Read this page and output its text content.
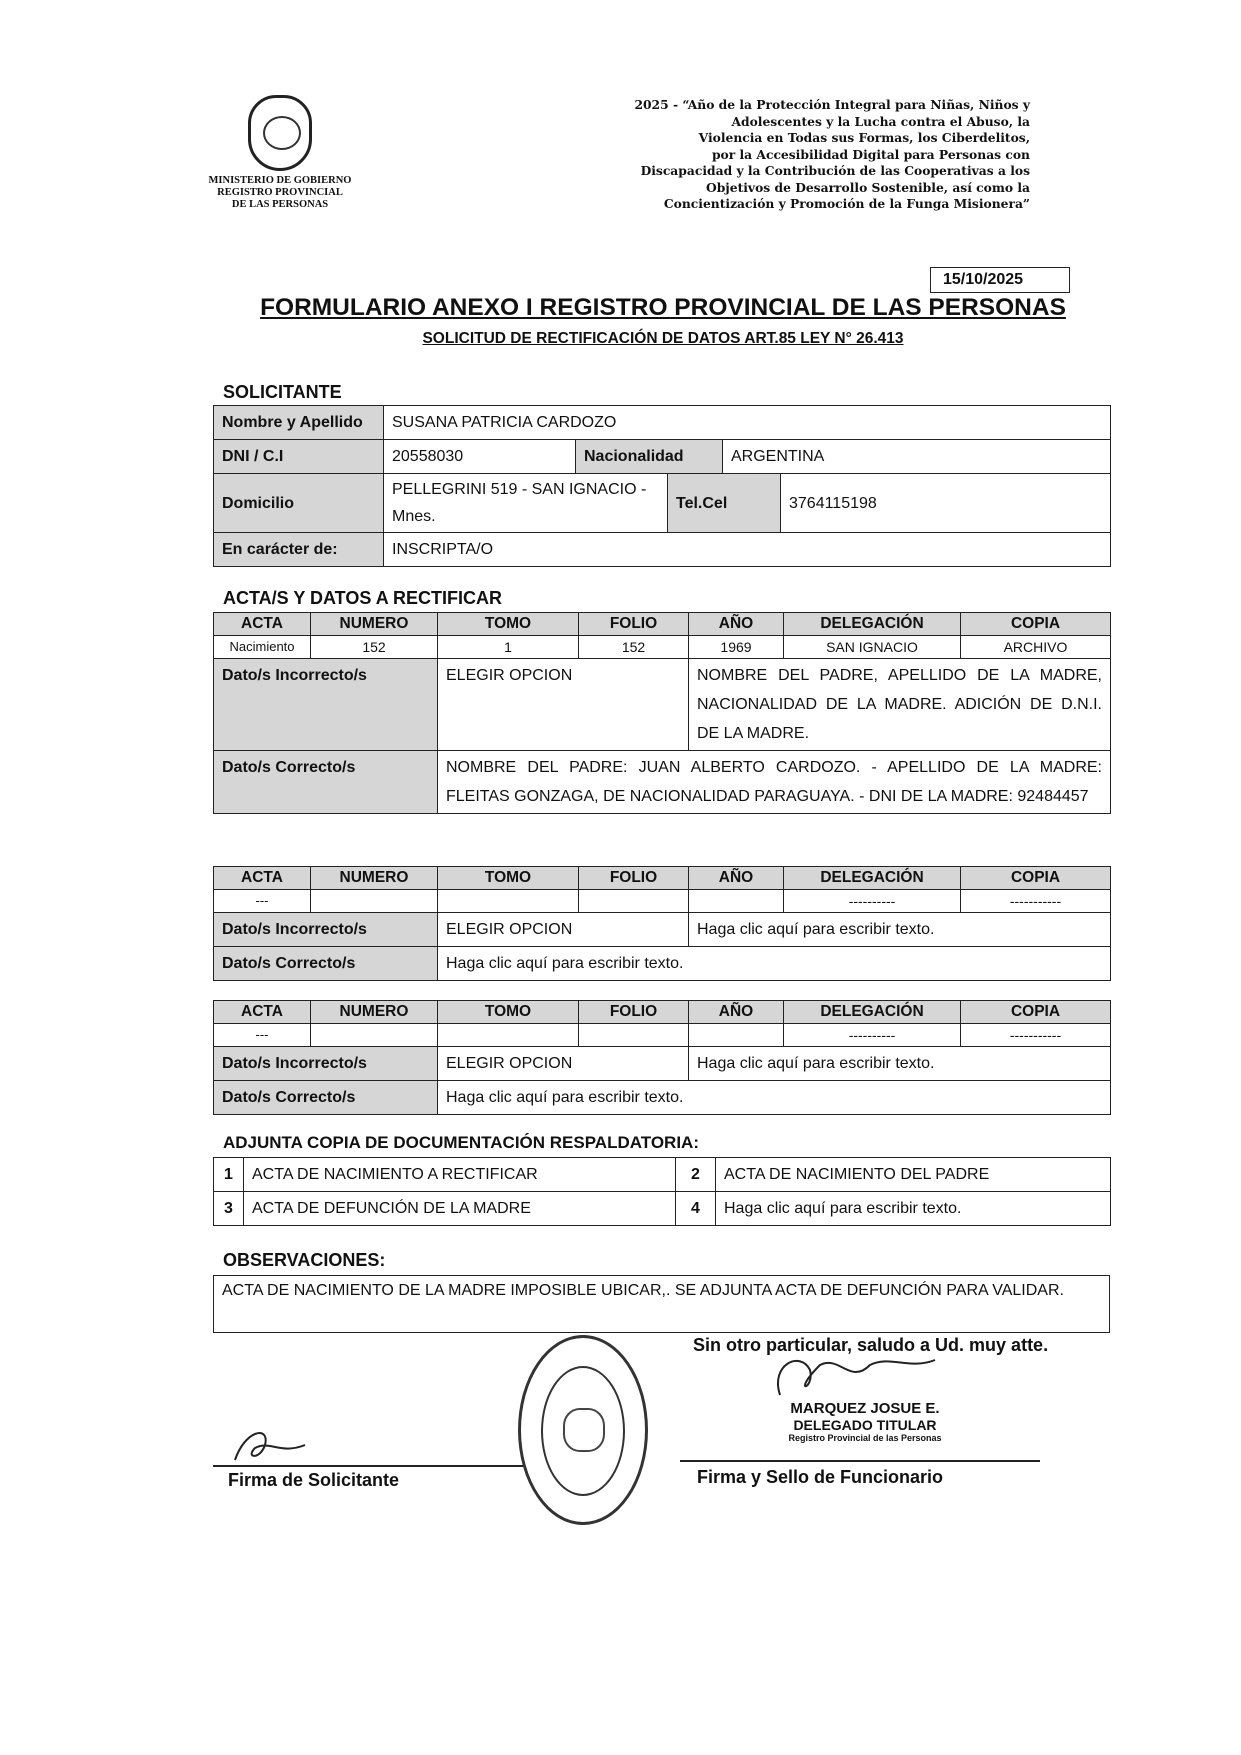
MINISTERIO DE GOBIERNO
REGISTRO PROVINCIAL
DE LAS PERSONAS
2025 - “Año de la Protección Integral para Niñas, Niños y
Adolescentes y la Lucha contra el Abuso, la
Violencia en Todas sus Formas, los Ciberdelitos,
por la Accesibilidad Digital para Personas con
Discapacidad y la Contribución de las Cooperativas a los
Objetivos de Desarrollo Sostenible, así como la
Concientización y Promoción de la Funga Misionera”
15/10/2025
FORMULARIO ANEXO I REGISTRO PROVINCIAL DE LAS PERSONAS
SOLICITUD DE RECTIFICACIÓN DE DATOS ART.85 LEY N° 26.413
SOLICITANTE
Nombre y Apellido	SUSANA PATRICIA CARDOZO				
DNI / C.I	20558030	Nacionalidad		ARGENTINA	
Domicilio	PELLEGRINI 519 - SAN IGNACIO - Mnes.		Tel.Cel		3764115198
En carácter de:	INSCRIPTA/O				
ACTA/S Y DATOS A RECTIFICAR
ACTA	NUMERO	TOMO	FOLIO	AÑO	DELEGACIÓN	COPIA
Nacimiento	152	1	152	1969	SAN IGNACIO	ARCHIVO
Dato/s Incorrecto/s		ELEGIR OPCION		NOMBRE DEL PADRE, APELLIDO DE LA MADRE, NACIONALIDAD DE LA MADRE. ADICIÓN DE D.N.I. DE LA MADRE.		
Dato/s Correcto/s		NOMBRE DEL PADRE: JUAN ALBERTO CARDOZO. - APELLIDO DE LA MADRE: FLEITAS GONZAGA, DE NACIONALIDAD PARAGUAYA. - DNI DE LA MADRE: 92484457				
ACTA	NUMERO	TOMO	FOLIO	AÑO	DELEGACIÓN	COPIA
---					----------	-----------
Dato/s Incorrecto/s		ELEGIR OPCION		Haga clic aquí para escribir texto.		
Dato/s Correcto/s		Haga clic aquí para escribir texto.				
ACTA	NUMERO	TOMO	FOLIO	AÑO	DELEGACIÓN	COPIA
---					----------	-----------
Dato/s Incorrecto/s		ELEGIR OPCION		Haga clic aquí para escribir texto.		
Dato/s Correcto/s		Haga clic aquí para escribir texto.				
ADJUNTA COPIA DE DOCUMENTACIÓN RESPALDATORIA:
1	ACTA DE NACIMIENTO A RECTIFICAR	2	ACTA DE NACIMIENTO DEL PADRE
3	ACTA DE DEFUNCIÓN DE LA MADRE	4	Haga clic aquí para escribir texto.
OBSERVACIONES:
ACTA DE NACIMIENTO DE LA MADRE IMPOSIBLE UBICAR,. SE ADJUNTA ACTA DE DEFUNCIÓN PARA VALIDAR.
Sin otro particular, saludo a Ud. muy atte.
MARQUEZ JOSUE E.
DELEGADO TITULAR
Registro Provincial de las Personas
Firma de Solicitante	Firma y Sello de Funcionario
